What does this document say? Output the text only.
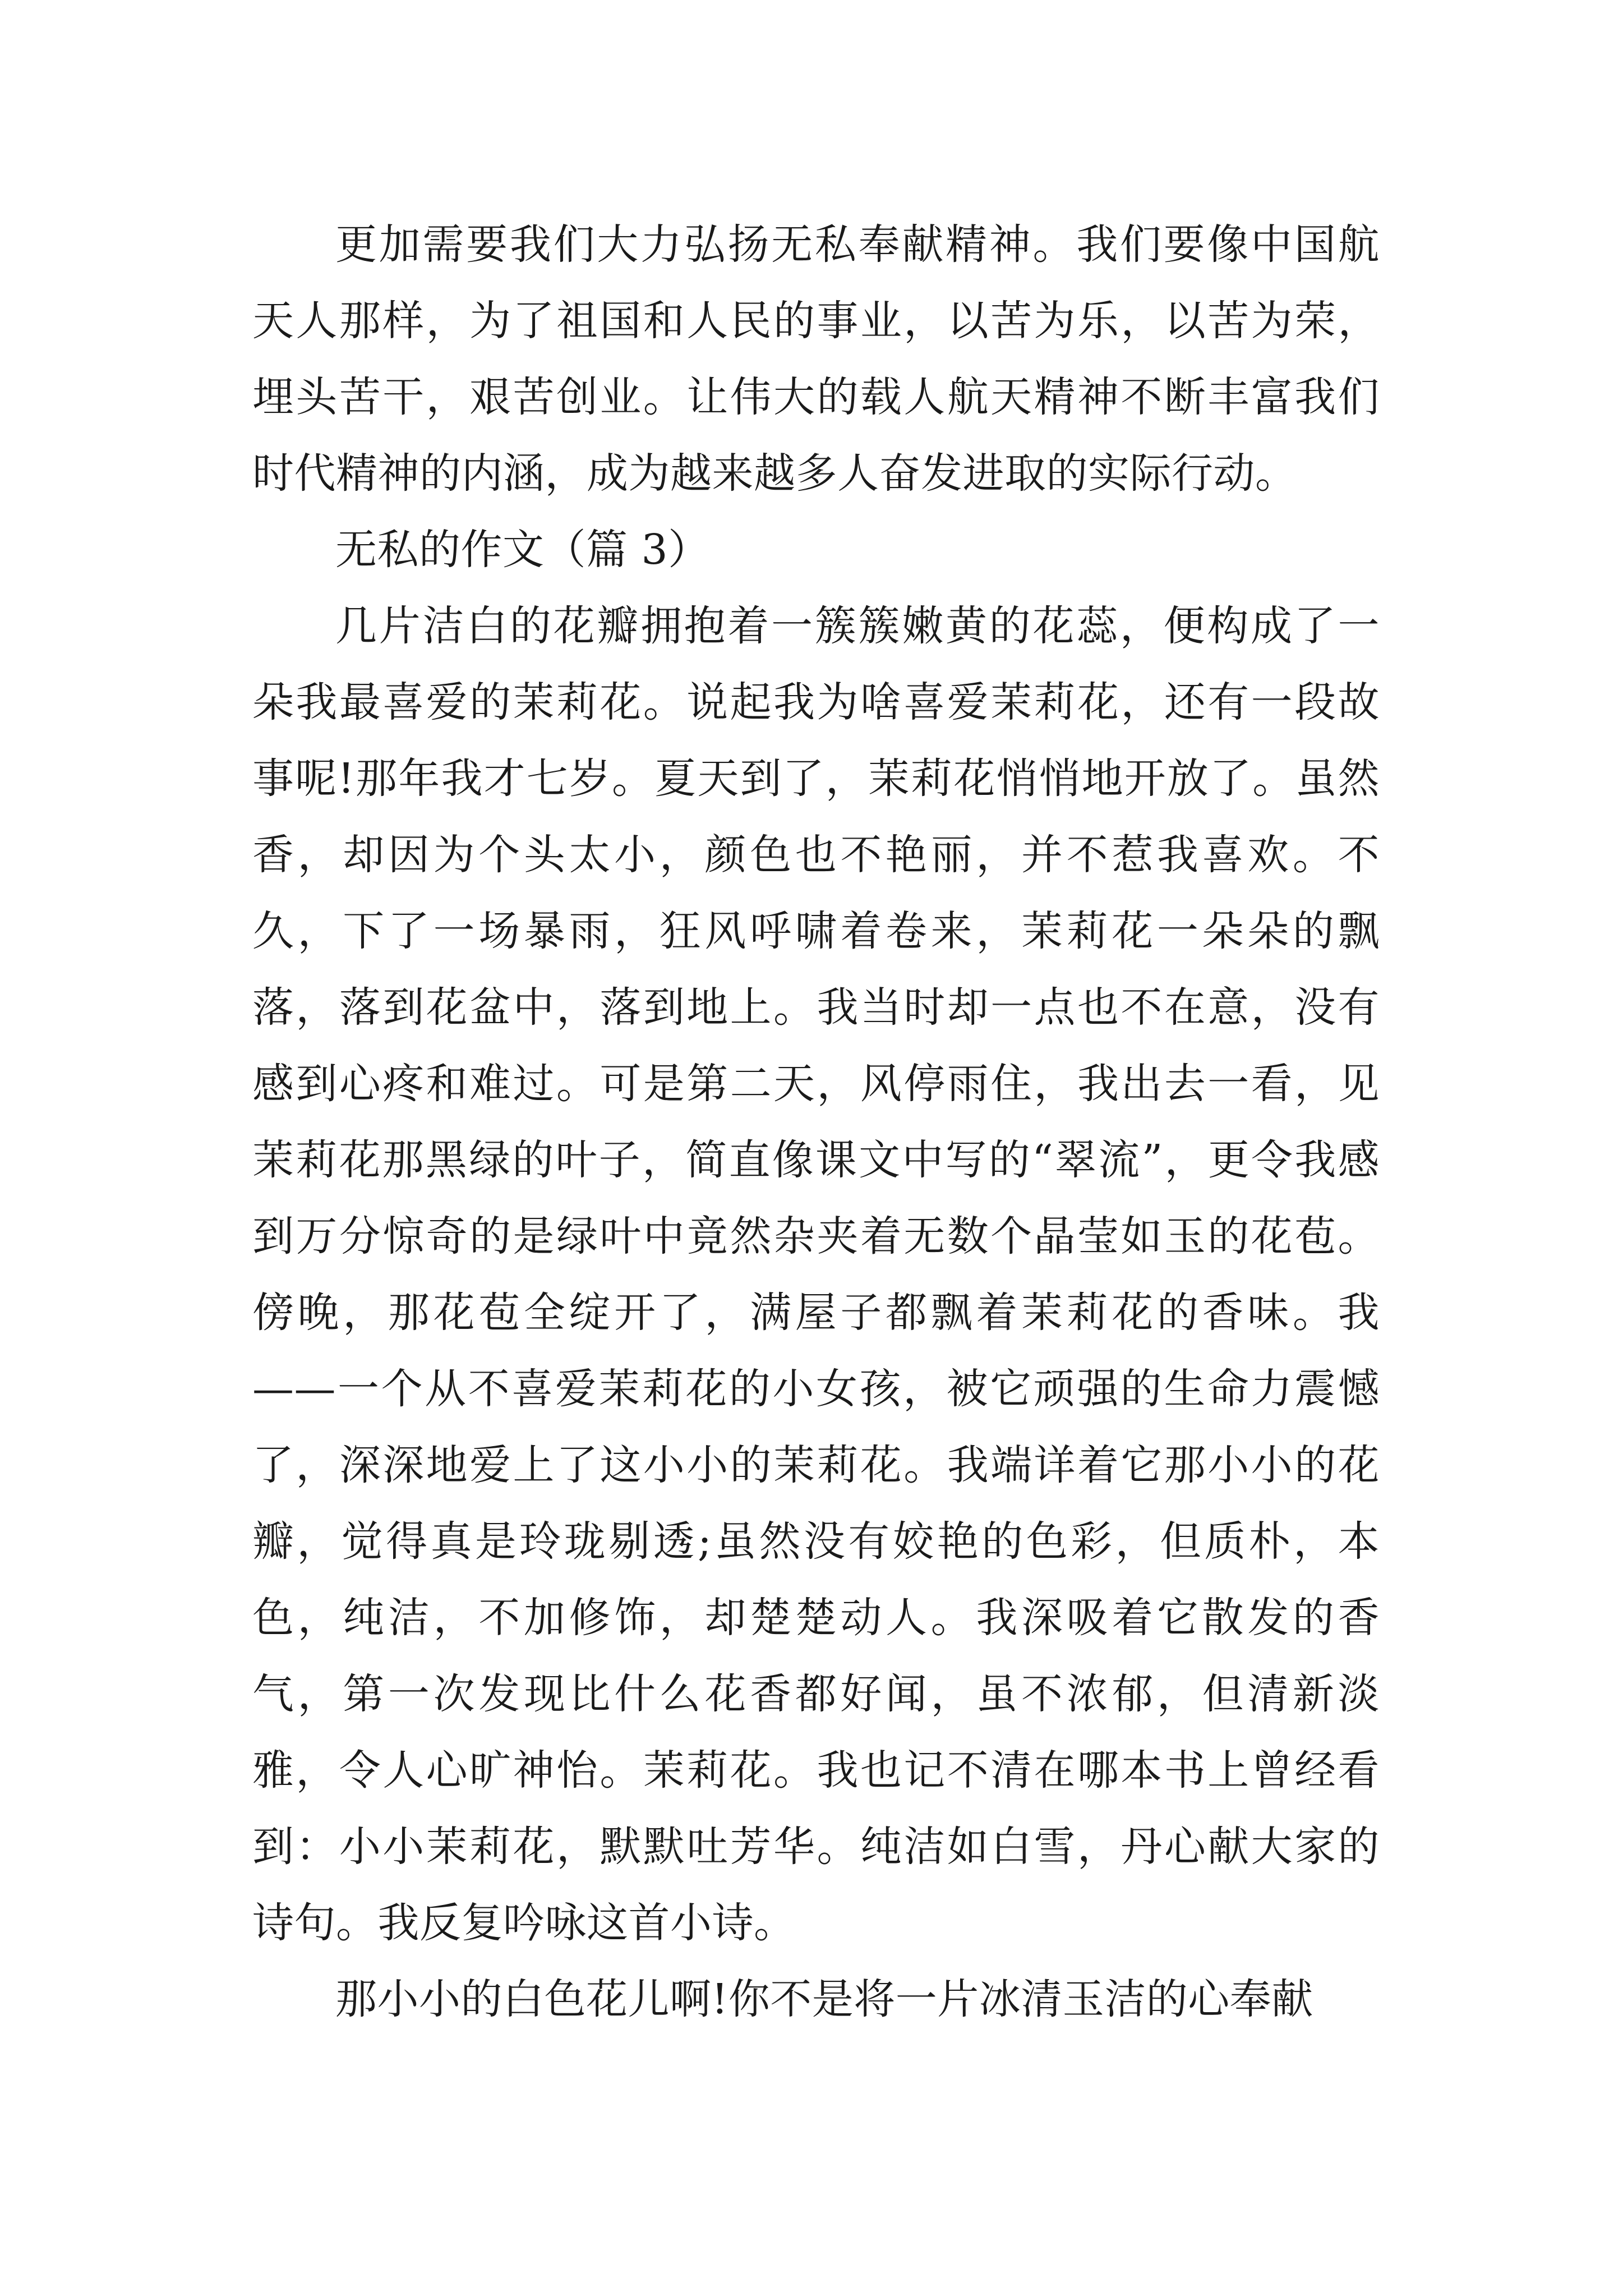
更加需要我们大力弘扬无私奉献精神。我们要像中国航天人那样，为了祖国和人民的事业，以苦为乐，以苦为荣，埋头苦干，艰苦创业。让伟大的载人航天精神不断丰富我们时代精神的内涵，成为越来越多人奋发进取的实际行动。

无私的作文（篇 3）

几片洁白的花瓣拥抱着一簇簇嫩黄的花蕊，便构成了一朵我最喜爱的茉莉花。说起我为啥喜爱茉莉花，还有一段故事呢!那年我才七岁。夏天到了，茉莉花悄悄地开放了。虽然香，却因为个头太小，颜色也不艳丽，并不惹我喜欢。不久，下了一场暴雨，狂风呼啸着卷来，茉莉花一朵朵的飘落，落到花盆中，落到地上。我当时却一点也不在意，没有感到心疼和难过。可是第二天，风停雨住，我出去一看，见茉莉花那黑绿的叶子，简直像课文中写的“翠流”，更令我感到万分惊奇的是绿叶中竟然杂夹着无数个晶莹如玉的花苞。傍晚，那花苞全绽开了，满屋子都飘着茉莉花的香味。我——一个从不喜爱茉莉花的小女孩，被它顽强的生命力震憾了，深深地爱上了这小小的茉莉花。我端详着它那小小的花瓣，觉得真是玲珑剔透;虽然没有姣艳的色彩，但质朴，本色，纯洁，不加修饰，却楚楚动人。我深吸着它散发的香气，第一次发现比什么花香都好闻，虽不浓郁，但清新淡雅，令人心旷神怡。茉莉花。我也记不清在哪本书上曾经看到：小小茉莉花，默默吐芳华。纯洁如白雪，丹心献大家的诗句。我反复吟咏这首小诗。

那小小的白色花儿啊!你不是将一片冰清玉洁的心奉献
